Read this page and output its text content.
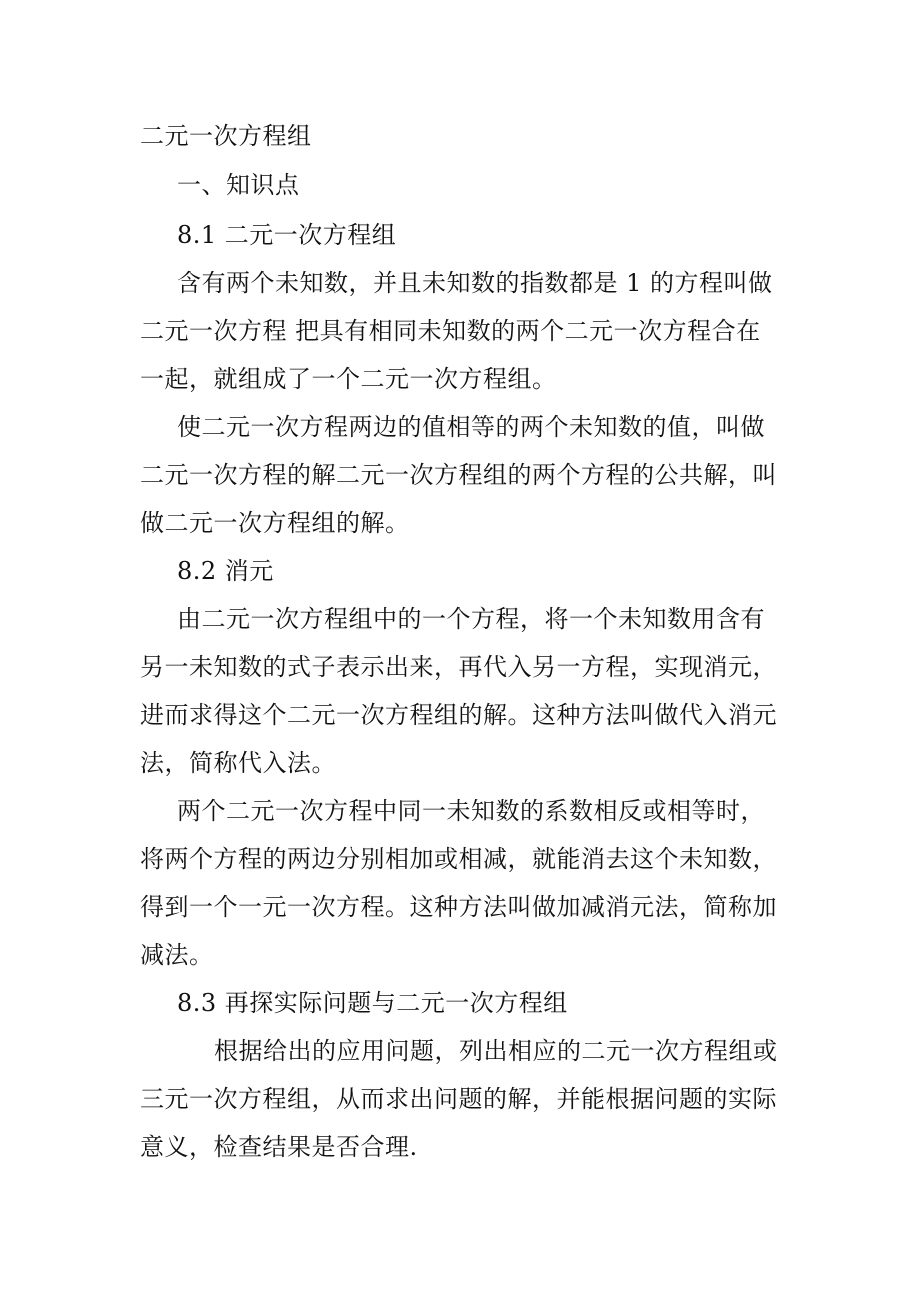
二元一次方程组
一、知识点
8.1 二元一次方程组
含有两个未知数，并且未知数的指数都是 1 的方程叫做
二元一次方程 把具有相同未知数的两个二元一次方程合在
一起，就组成了一个二元一次方程组。
使二元一次方程两边的值相等的两个未知数的值，叫做
二元一次方程的解二元一次方程组的两个方程的公共解，叫
做二元一次方程组的解。
8.2 消元
由二元一次方程组中的一个方程，将一个未知数用含有
另一未知数的式子表示出来，再代入另一方程，实现消元，
进而求得这个二元一次方程组的解。这种方法叫做代入消元
法，简称代入法。
两个二元一次方程中同一未知数的系数相反或相等时，
将两个方程的两边分别相加或相减，就能消去这个未知数，
得到一个一元一次方程。这种方法叫做加减消元法，简称加
减法。
8.3 再探实际问题与二元一次方程组
根据给出的应用问题，列出相应的二元一次方程组或
三元一次方程组，从而求出问题的解，并能根据问题的实际
意义，检查结果是否合理.
